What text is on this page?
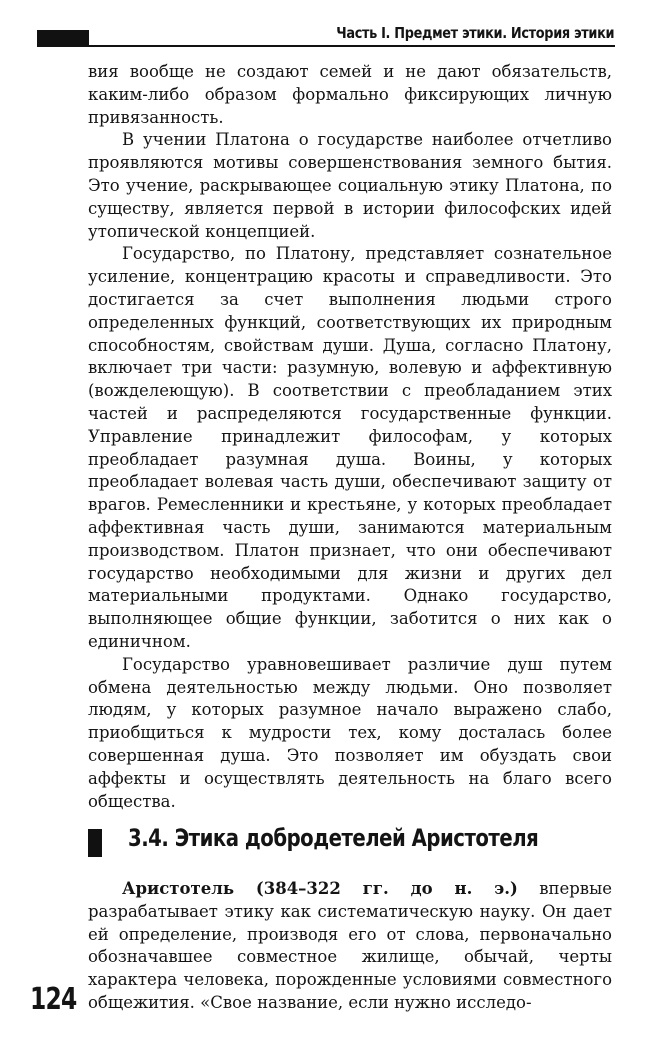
Часть I. Предмет этики. История этики

вия вообще не создают семей и не дают обязательств, каким-либо образом формально фиксирующих личную привязанность.

В учении Платона о государстве наиболее отчетливо проявляются мотивы совершенствования земного бытия. Это учение, раскрывающее социальную этику Платона, по существу, является первой в истории философских идей утопической концепцией.

Государство, по Платону, представляет сознательное усиление, концентрацию красоты и справедливости. Это достигается за счет выполнения людьми строго определенных функций, соответствующих их природным способностям, свойствам души. Душа, согласно Платону, включает три части: разумную, волевую и аффективную (вожделеющую). В соответствии с преобладанием этих частей и распределяются государственные функции. Управление принадлежит философам, у которых преобладает разумная душа. Воины, у которых преобладает волевая часть души, обеспечивают защиту от врагов. Ремесленники и крестьяне, у которых преобладает аффективная часть души, занимаются материальным производством. Платон признает, что они обеспечивают государство необходимыми для жизни и других дел материальными продуктами. Однако государство, выполняющее общие функции, заботится о них как о единичном.

Государство уравновешивает различие душ путем обмена деятельностью между людьми. Оно позволяет людям, у которых разумное начало выражено слабо, приобщиться к мудрости тех, кому досталась более совершенная душа. Это позволяет им обуздать свои аффекты и осуществлять деятельность на благо всего общества.

3.4. Этика добродетелей Аристотеля

Аристотель (384–322 гг. до н. э.) впервые разрабатывает этику как систематическую науку. Он дает ей определение, производя его от слова, первоначально обозначавшее совместное жилище, обычай, черты характера человека, порожденные условиями совместного общежития. «Свое название, если нужно исследо-

124
